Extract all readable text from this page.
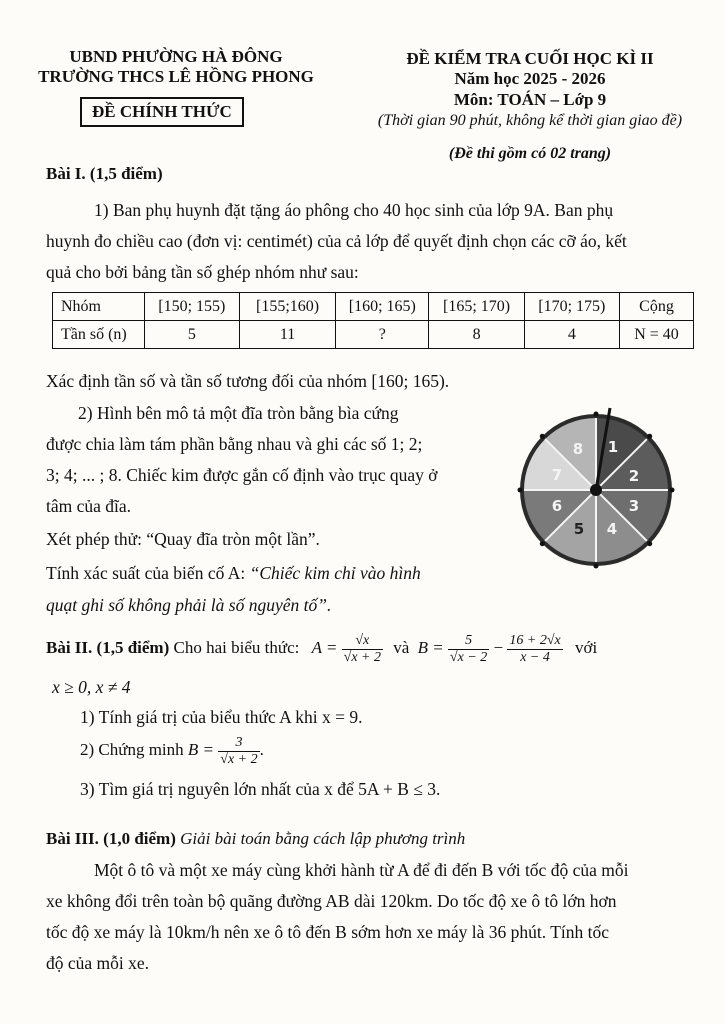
UBND PHƯỜNG HÀ ĐÔNG
TRƯỜNG THCS LÊ HỒNG PHONG
ĐỀ CHÍNH THỨC
ĐỀ KIỂM TRA CUỐI HỌC KÌ II
Năm học 2025 - 2026
Môn: TOÁN – Lớp 9
(Thời gian 90 phút, không kể thời gian giao đề)
(Đề thi gồm có 02 trang)
Bài I. (1,5 điểm)
1) Ban phụ huynh đặt tặng áo phông cho 40 học sinh của lớp 9A. Ban phụ
huynh đo chiều cao (đơn vị: centimét) của cả lớp để quyết định chọn các cỡ áo, kết
quả cho bởi bảng tần số ghép nhóm như sau:
Nhóm	[150; 155)	[155;160)	[160; 165)	[165; 170)	[170; 175)	Cộng
Tần số (n)	5	11	?	8	4	N = 40
Xác định tần số và tần số tương đối của nhóm [160; 165).
2) Hình bên mô tả một đĩa tròn bằng bìa cứng
được chia làm tám phần bằng nhau và ghi các số 1; 2;
3; 4; ... ; 8. Chiếc kim được gắn cố định vào trục quay ở
tâm của đĩa.
Xét phép thử: “Quay đĩa tròn một lần”.
Tính xác suất của biến cố A: “Chiếc kim chỉ vào hình
quạt ghi số không phải là số nguyên tố”.
1
2
3
4
5
6
7
8
Bài II. (1,5 điểm) Cho hai biểu thức: $A = \frac{√x}{√x + 2}$ và $B = \frac{5}{√x - 2} - \frac{16 + 2√x}{x - 4}$ với
x ≥ 0, x ≠ 4
1) Tính giá trị của biểu thức A khi x = 9.
2) Chứng minh $B = \frac{3}{√x + 2}$ .
3) Tìm giá trị nguyên lớn nhất của x để 5A + B ≤ 3.
Bài III. (1,0 điểm) Giải bài toán bằng cách lập phương trình
Một ô tô và một xe máy cùng khởi hành từ A để đi đến B với tốc độ của mỗi
xe không đổi trên toàn bộ quãng đường AB dài 120km. Do tốc độ xe ô tô lớn hơn
tốc độ xe máy là 10km/h nên xe ô tô đến B sớm hơn xe máy là 36 phút. Tính tốc
độ của mỗi xe.
